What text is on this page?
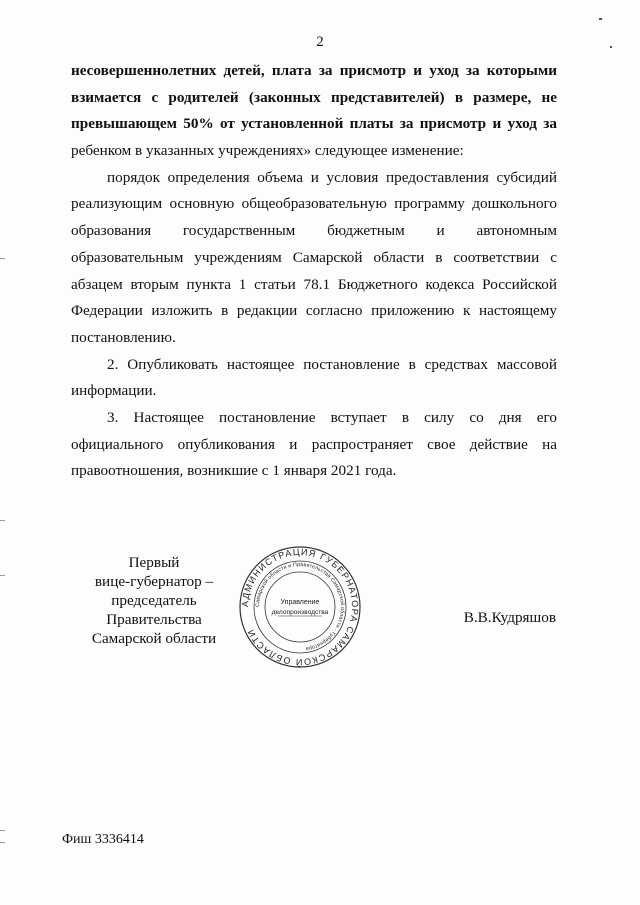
2
несовершеннолетних детей, плата за присмотр и уход за которыми
взимается с родителей (законных представителей) в размере, не
превышающем 50% от установленной платы за присмотр и уход за
ребенком в указанных учреждениях» следующее изменение:
порядок определения объема и условия предоставления субсидий
реализующим основную общеобразовательную программу дошкольного
образования государственным бюджетным и автономным
образовательным учреждениям Самарской области в соответствии с
абзацем вторым пункта 1 статьи 78.1 Бюджетного кодекса Российской
Федерации изложить в редакции согласно приложению к настоящему
постановлению.
2. Опубликовать настоящее постановление в средствах массовой
информации.
3. Настоящее постановление вступает в силу со дня его
официального опубликования и распространяет свое действие на
правоотношения, возникшие с 1 января 2021 года.
Первый
вице-губернатор –
председатель Правительства
Самарской области
АДМИНИСТРАЦИЯ ГУБЕРНАТОРА САМАРСКОЙ ОБЛАСТИ
Самарской области и Правительства Самарской области · Губернатора
Управление
делопроизводства	В.В.Кудряшов
Фиш 3336414
